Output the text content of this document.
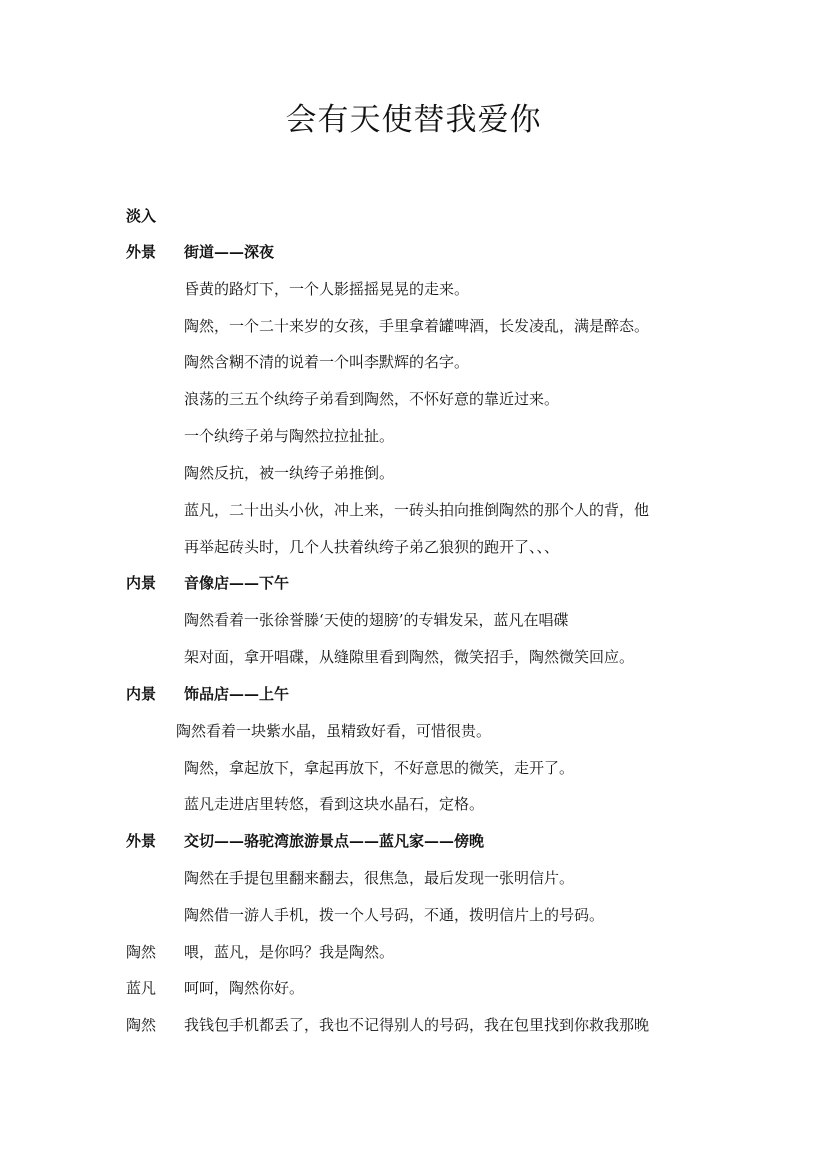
会有天使替我爱你
淡入
外景 街道——深夜
昏黄的路灯下，一个人影摇摇晃晃的走来。
陶然，一个二十来岁的女孩，手里拿着罐啤酒，长发凌乱，满是醉态。
陶然含糊不清的说着一个叫李默辉的名字。
浪荡的三五个纨绔子弟看到陶然，不怀好意的靠近过来。
一个纨绔子弟与陶然拉拉扯扯。
陶然反抗，被一纨绔子弟推倒。
蓝凡，二十出头小伙，冲上来，一砖头拍向推倒陶然的那个人的背，他
再举起砖头时，几个人扶着纨绔子弟乙狼狈的跑开了、、、
内景 音像店——下午
陶然看着一张徐誉滕‘天使的翅膀’的专辑发呆，蓝凡在唱碟
架对面，拿开唱碟，从缝隙里看到陶然，微笑招手，陶然微笑回应。
内景 饰品店——上午
陶然看着一块紫水晶，虽精致好看，可惜很贵。
陶然，拿起放下，拿起再放下，不好意思的微笑，走开了。
蓝凡走进店里转悠，看到这块水晶石，定格。
外景 交切——骆驼湾旅游景点——蓝凡家——傍晚
陶然在手提包里翻来翻去，很焦急，最后发现一张明信片。
陶然借一游人手机，拨一个人号码，不通，拨明信片上的号码。
陶然 喂，蓝凡，是你吗？我是陶然。
蓝凡 呵呵，陶然你好。
陶然 我钱包手机都丢了，我也不记得别人的号码，我在包里找到你救我那晚
